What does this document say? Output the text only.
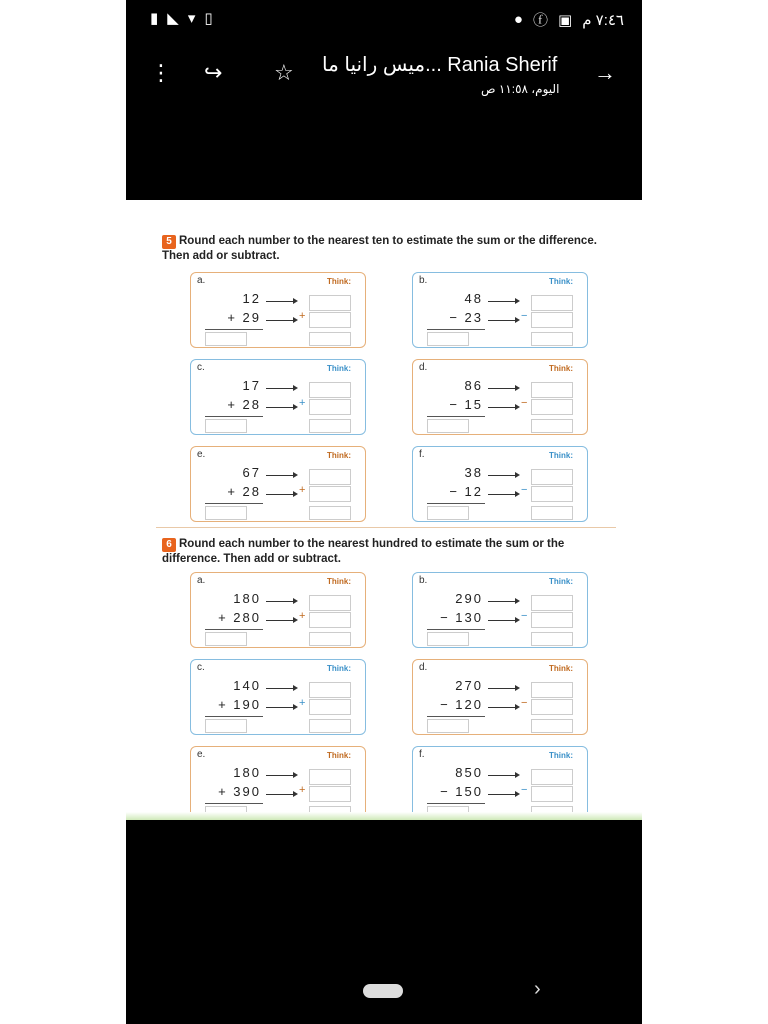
▮ ◣ ▾ ▯	● ⓕ ▣ ٧:٤٦ م
⋮ ↪ ☆ ميس رانيا ما... Rania Sherif
اليوم، ١١:٥٨ ص
→
5 Round each number to the nearest ten to estimate the sum or the difference. Then add or subtract.
a.	Think:
12
+ 29	+
b.	Think:
48
− 23	−
c.	Think:
17
+ 28	+
d.	Think:
86
− 15	−
e.	Think:
67
+ 28	+
f.	Think:
38
− 12	−
6 Round each number to the nearest hundred to estimate the sum or the difference. Then add or subtract.
a.	Think:
180
+ 280	+
b.	Think:
290
− 130	−
c.	Think:
140
+ 190	+
d.	Think:
270
− 120	−
e.	Think:
180
+ 390	+
f.	Think:
850
− 150	−
›
